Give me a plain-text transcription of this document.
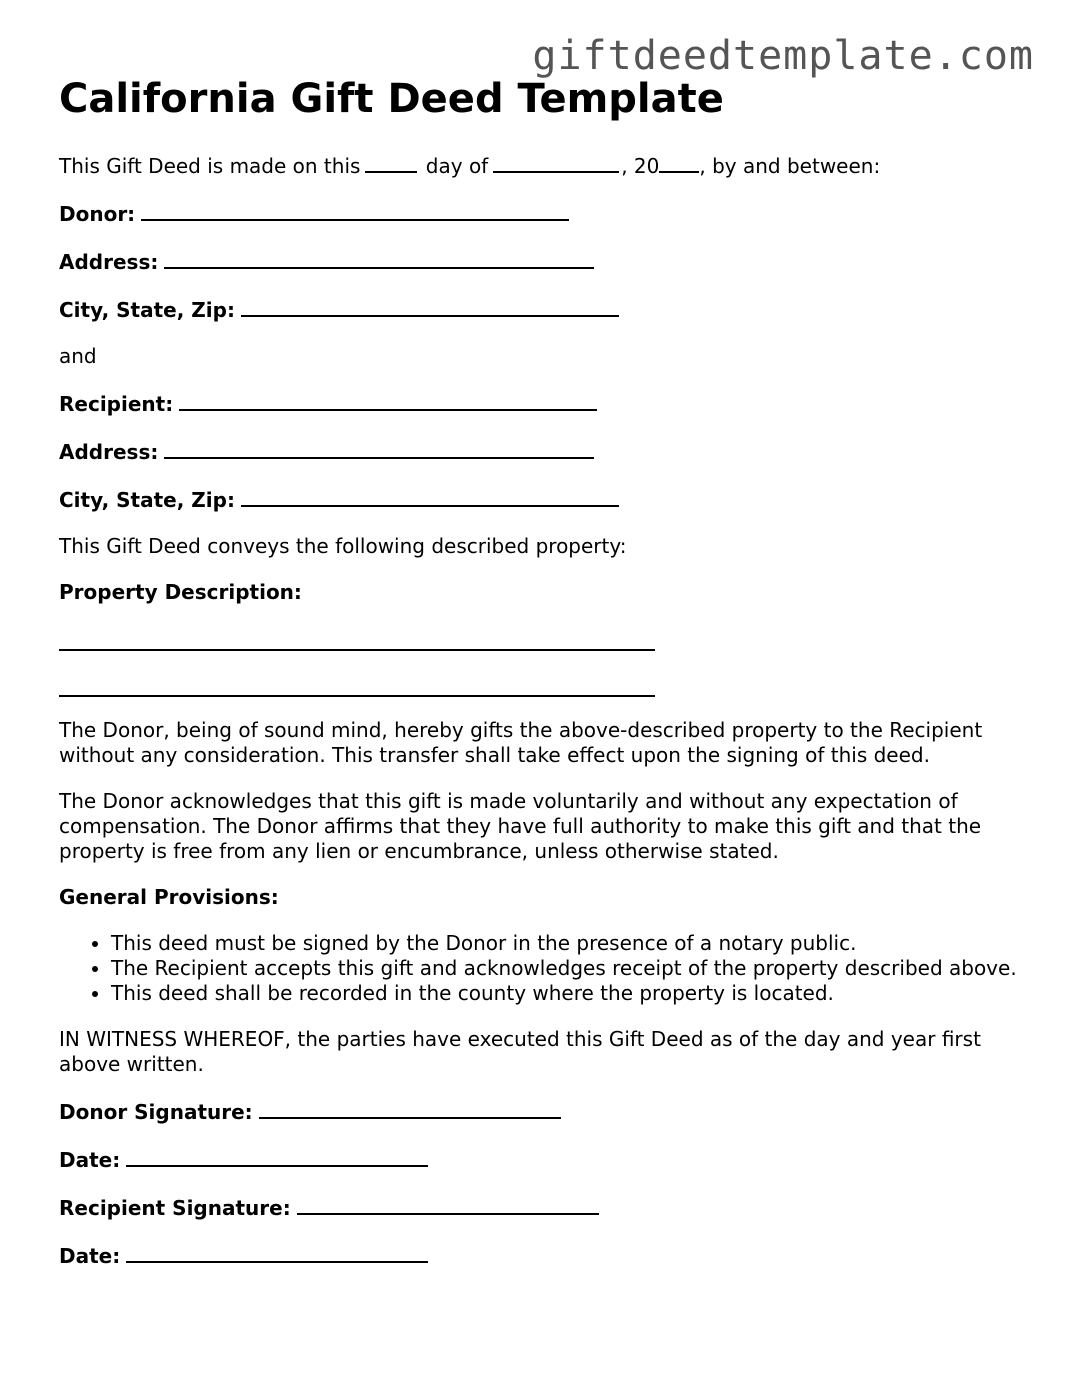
giftdeedtemplate.com
California Gift Deed Template

This Gift Deed is made on this	day of	, 20 , by and between:

Donor:

Address:

City, State, Zip:

and

Recipient:

Address:

City, State, Zip:

This Gift Deed conveys the following described property:

Property Description:

The Donor, being of sound mind, hereby gifts the above-described property to the Recipient without any consideration. This transfer shall take effect upon the signing of this deed.

The Donor acknowledges that this gift is made voluntarily and without any expectation of compensation. The Donor affirms that they have full authority to make this gift and that the property is free from any lien or encumbrance, unless otherwise stated.

General Provisions:

• This deed must be signed by the Donor in the presence of a notary public.
• The Recipient accepts this gift and acknowledges receipt of the property described above.
• This deed shall be recorded in the county where the property is located.

IN WITNESS WHEREOF, the parties have executed this Gift Deed as of the day and year first above written.

Donor Signature:

Date:

Recipient Signature:

Date:
